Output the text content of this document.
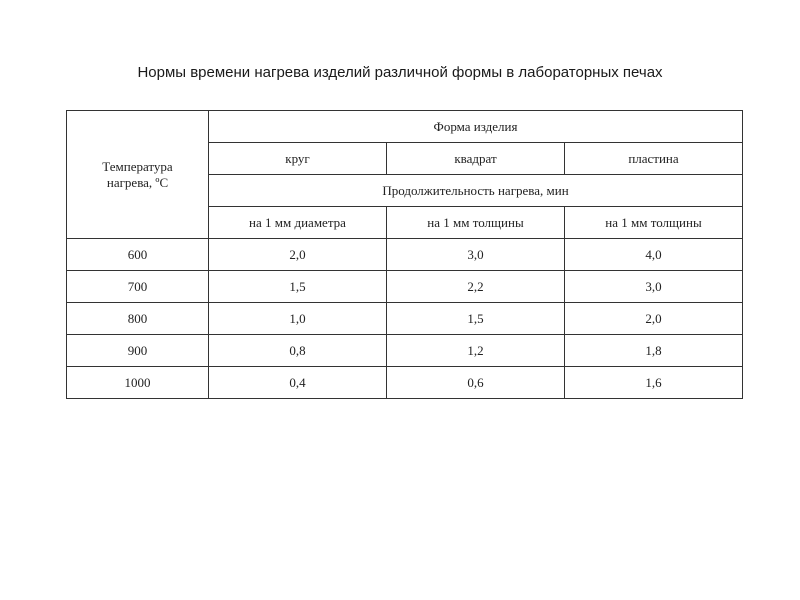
Нормы времени нагрева изделий различной формы в лабораторных печах
Температура
нагрева, ºС	Форма изделия		
	круг	квадрат	пластина
	Продолжительность нагрева, мин		
	на 1 мм диаметра	на 1 мм толщины	на 1 мм толщины
600	2,0	3,0	4,0
700	1,5	2,2	3,0
800	1,0	1,5	2,0
900	0,8	1,2	1,8
1000	0,4	0,6	1,6
